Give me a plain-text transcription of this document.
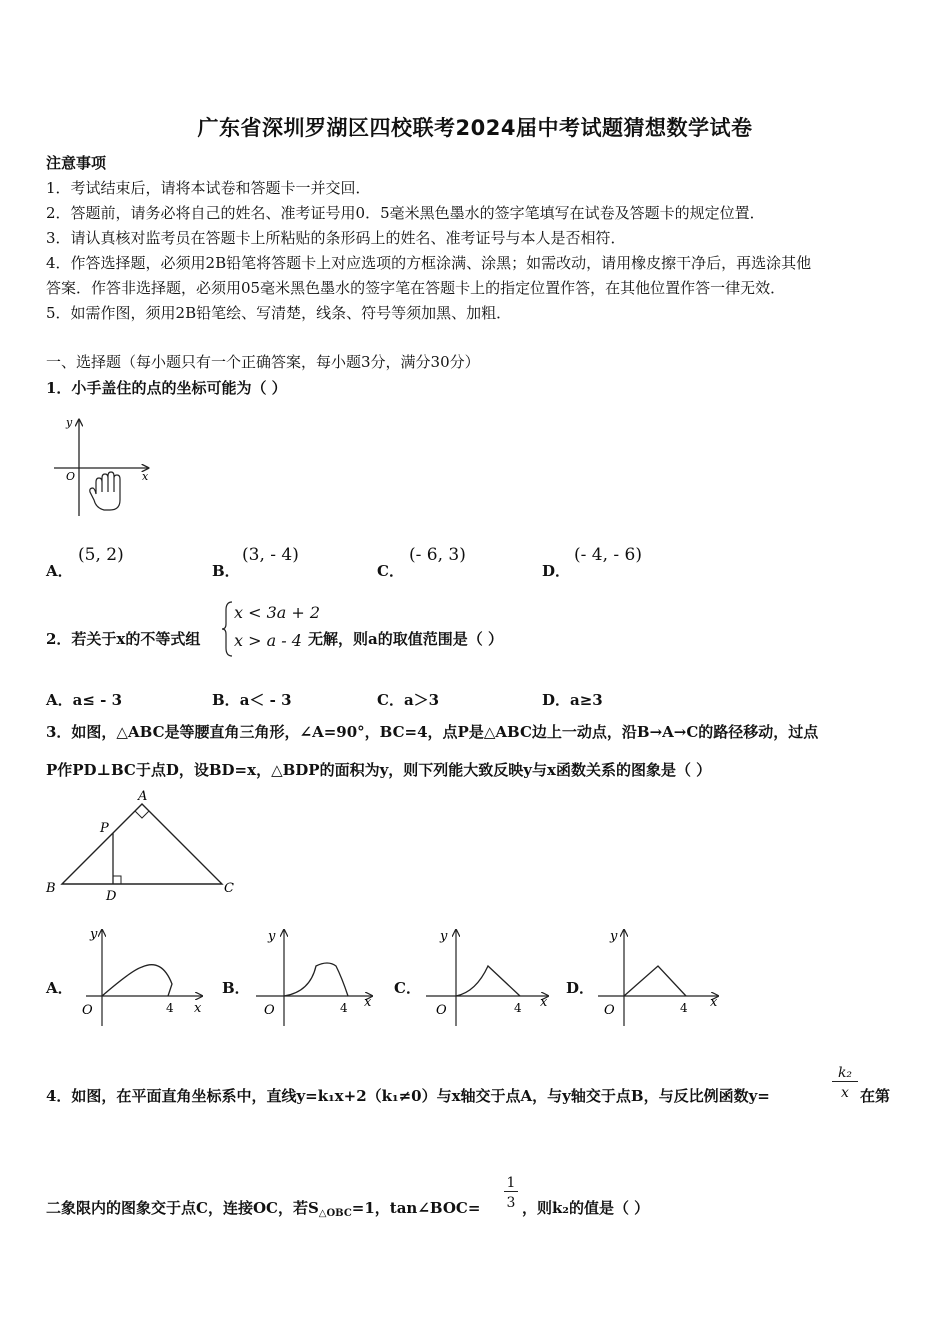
广东省深圳罗湖区四校联考2024届中考试题猜想数学试卷
注意事项
1．考试结束后，请将本试卷和答题卡一并交回．
2．答题前，请务必将自己的姓名、准考证号用0．5毫米黑色墨水的签字笔填写在试卷及答题卡的规定位置．
3．请认真核对监考员在答题卡上所粘贴的条形码上的姓名、准考证号与本人是否相符．
4．作答选择题，必须用2B铅笔将答题卡上对应选项的方框涂满、涂黑；如需改动，请用橡皮擦干净后，再选涂其他
答案．作答非选择题，必须用05毫米黑色墨水的签字笔在答题卡上的指定位置作答，在其他位置作答一律无效．
5．如需作图，须用2B铅笔绘、写清楚，线条、符号等须加黑、加粗．
一、选择题（每小题只有一个正确答案，每小题3分，满分30分）
1．小手盖住的点的坐标可能为（ ）
y
x
O
A．
(5, 2)
B．
(3, - 4)
C．
(- 6, 3)
D．
(- 4, - 6)
2．若关于x的不等式组
x < 3a + 2
x > a - 4 无解，则a的取值范围是（ ）
A．a≤ - 3	B．a＜ - 3	C．a＞3	D．a≥3
3．如图，△ABC是等腰直角三角形，∠A=90°，BC=4，点P是△ABC边上一动点，沿B→A→C的路径移动，过点
P作PD⊥BC于点D，设BD=x，△BDP的面积为y，则下列能大致反映y与x函数关系的图象是（ ）
A
B	C
P
D
A．
y
x
O	4
B．
y
x
O	4
C．
y
x
O	4
D．
y
x
O	4
4．如图，在平面直角坐标系中，直线y=k₁x+2（k₁≠0）与x轴交于点A，与y轴交于点B，与反比例函数y=
k₂ x 在第
二象限内的图象交于点C，连接OC，若$S_{\triangle OBC}=1$，tan∠BOC=
1 3 ，则k₂的值是（ ）
